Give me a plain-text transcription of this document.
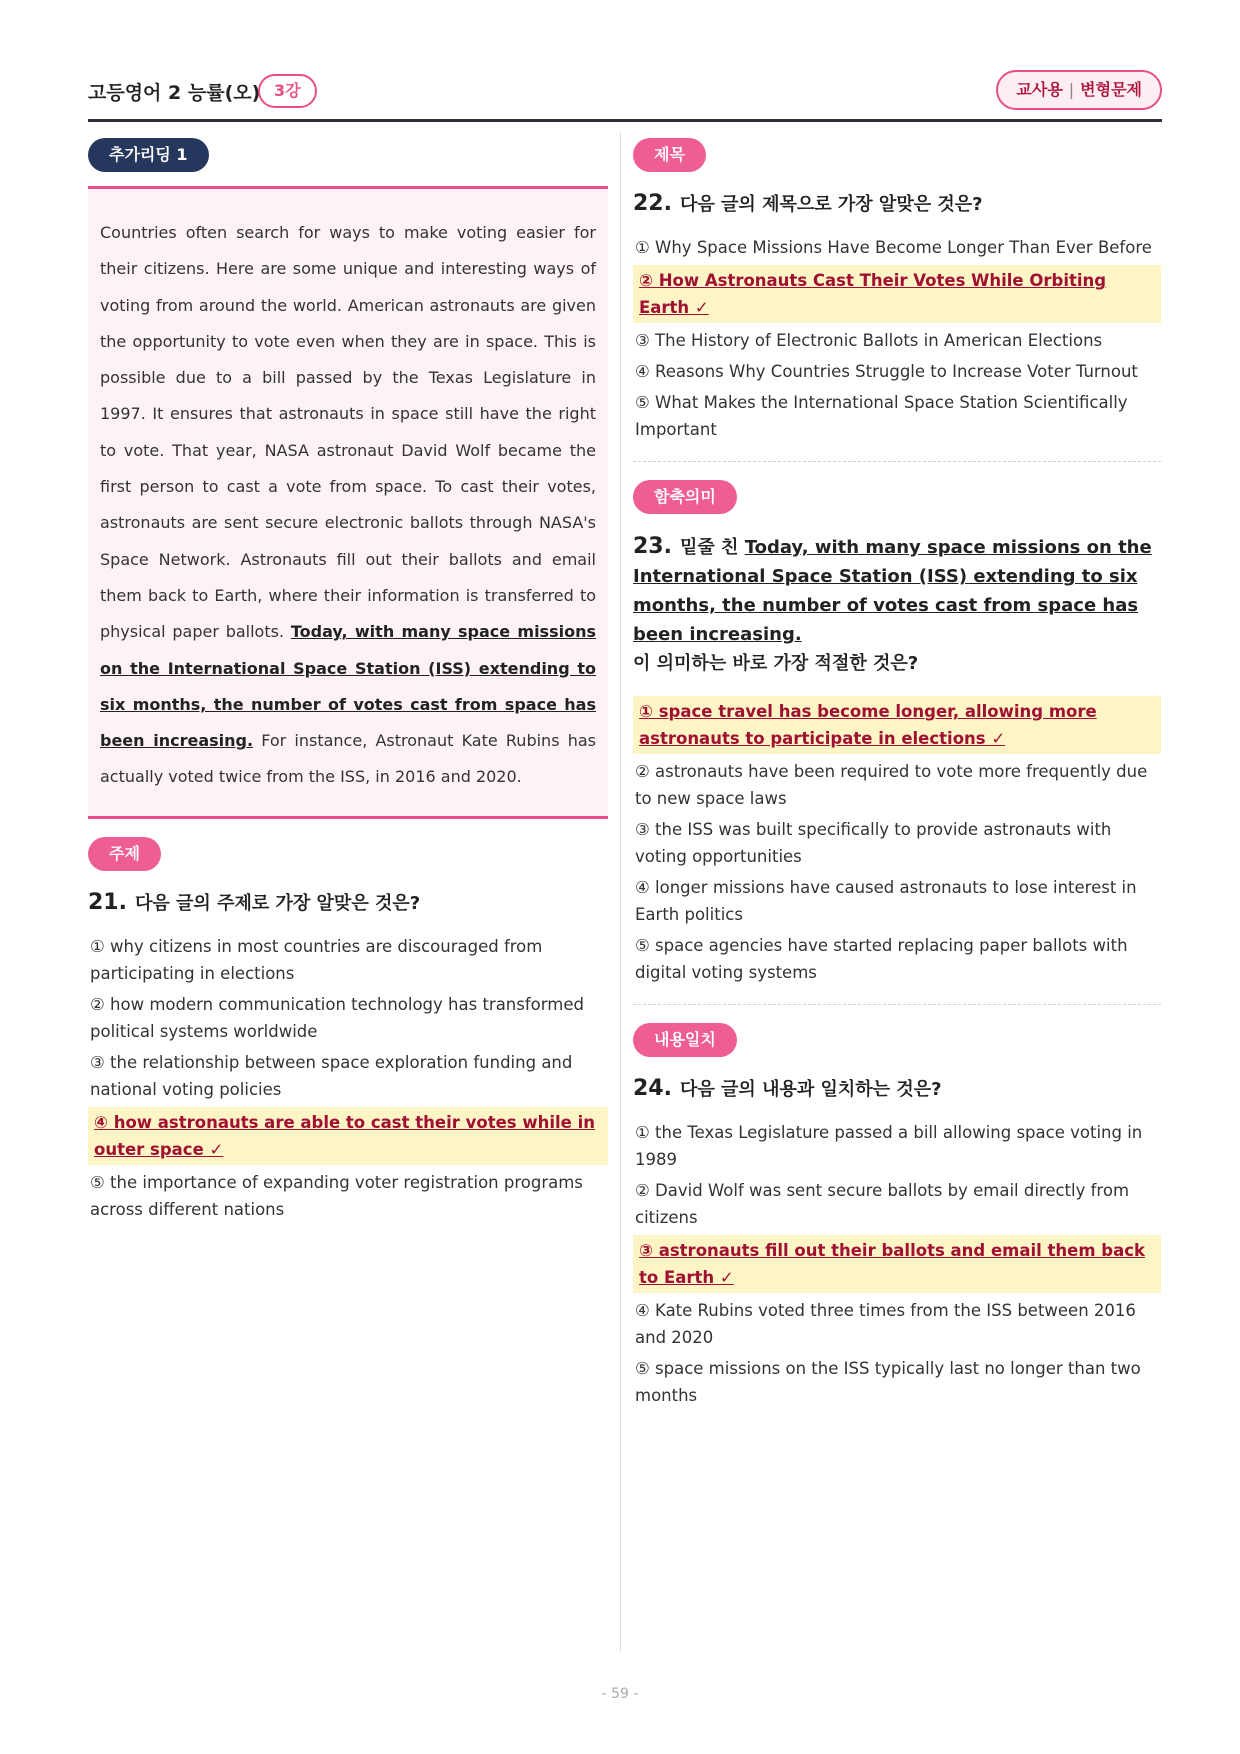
고등영어 2 능률(오) 3강	교사용 | 변형문제
추가리딩 1
Countries often search for ways to make voting easier for their citizens. Here are some unique and interesting ways of voting from around the world. American astronauts are given the opportunity to vote even when they are in space. This is possible due to a bill passed by the Texas Legislature in 1997. It ensures that astronauts in space still have the right to vote. That year, NASA astronaut David Wolf became the first person to cast a vote from space. To cast their votes, astronauts are sent secure electronic ballots through NASA's Space Network. Astronauts fill out their ballots and email them back to Earth, where their information is transferred to physical paper ballots. Today, with many space missions on the International Space Station (ISS) extending to six months, the number of votes cast from space has been increasing. For instance, Astronaut Kate Rubins has actually voted twice from the ISS, in 2016 and 2020.
주제
21. 다음 글의 주제로 가장 알맞은 것은?
① why citizens in most countries are discouraged from participating in elections
② how modern communication technology has transformed political systems worldwide
③ the relationship between space exploration funding and national voting policies
④ how astronauts are able to cast their votes while in outer space ✓
⑤ the importance of expanding voter registration programs across different nations
제목
22. 다음 글의 제목으로 가장 알맞은 것은?
① Why Space Missions Have Become Longer Than Ever Before
② How Astronauts Cast Their Votes While Orbiting Earth ✓
③ The History of Electronic Ballots in American Elections
④ Reasons Why Countries Struggle to Increase Voter Turnout
⑤ What Makes the International Space Station Scientifically Important
함축의미
23. 밑줄 친 Today, with many space missions on the International Space Station (ISS) extending to six months, the number of votes cast from space has been increasing.
이 의미하는 바로 가장 적절한 것은?
① space travel has become longer, allowing more astronauts to participate in elections ✓
② astronauts have been required to vote more frequently due to new space laws
③ the ISS was built specifically to provide astronauts with voting opportunities
④ longer missions have caused astronauts to lose interest in Earth politics
⑤ space agencies have started replacing paper ballots with digital voting systems
내용일치
24. 다음 글의 내용과 일치하는 것은?
① the Texas Legislature passed a bill allowing space voting in 1989
② David Wolf was sent secure ballots by email directly from citizens
③ astronauts fill out their ballots and email them back to Earth ✓
④ Kate Rubins voted three times from the ISS between 2016 and 2020
⑤ space missions on the ISS typically last no longer than two months
- 59 -
